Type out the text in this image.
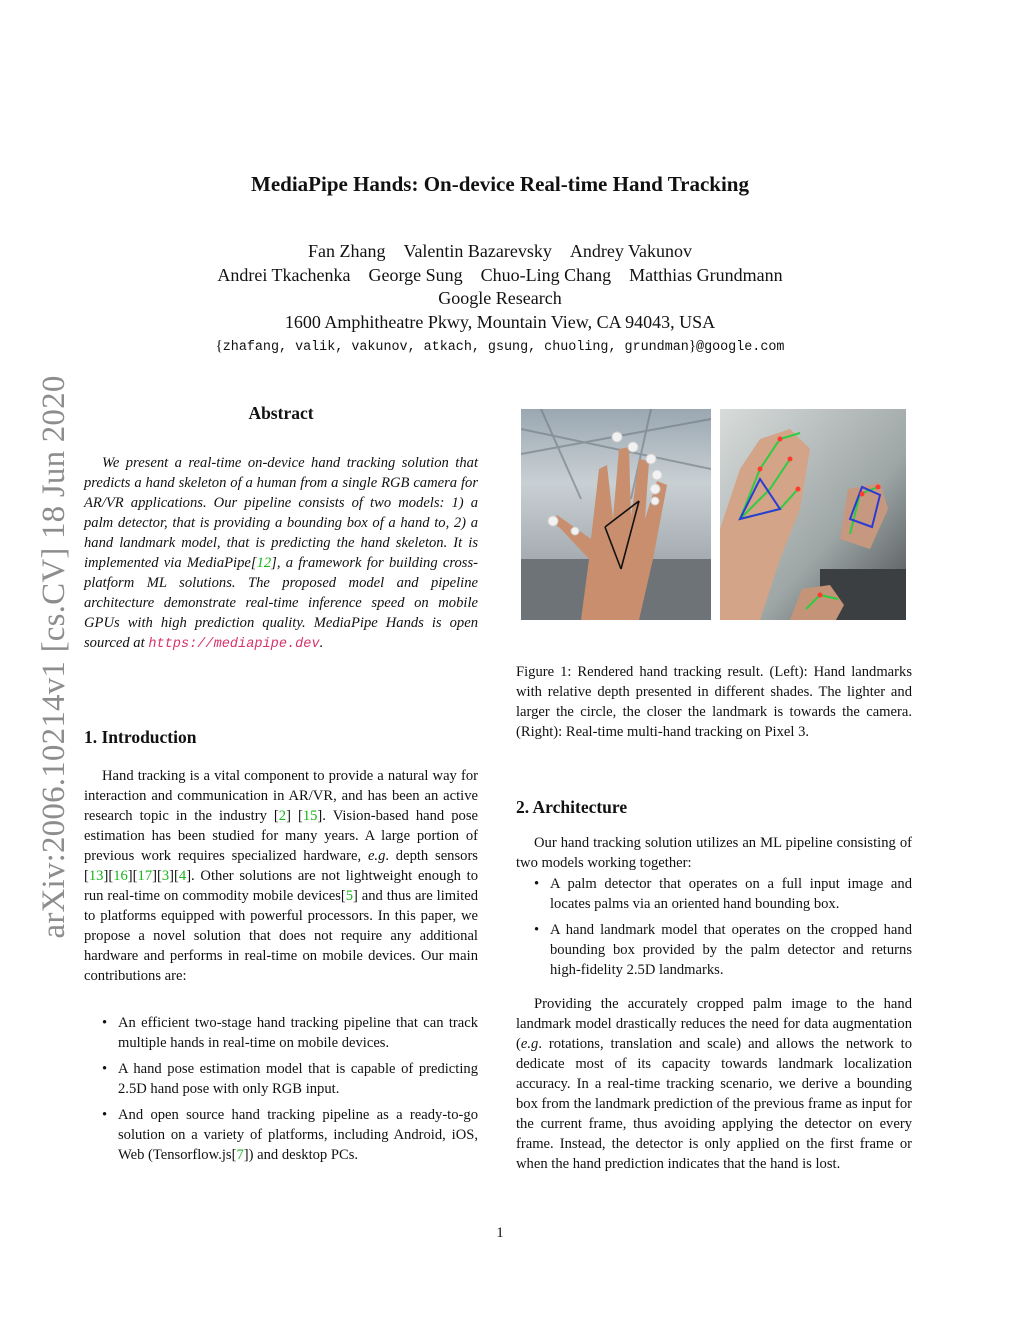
arXiv:2006.10214v1 [cs.CV] 18 Jun 2020
MediaPipe Hands: On-device Real-time Hand Tracking
Fan Zhang Valentin Bazarevsky Andrey Vakunov
Andrei Tkachenka George Sung Chuo-Ling Chang Matthias Grundmann
Google Research
1600 Amphitheatre Pkwy, Mountain View, CA 94043, USA
{zhafang, valik, vakunov, atkach, gsung, chuoling, grundman}@google.com
Abstract

We present a real-time on-device hand tracking solution that predicts a hand skeleton of a human from a single RGB camera for AR/VR applications. Our pipeline consists of two models: 1) a palm detector, that is providing a bounding box of a hand to, 2) a hand landmark model, that is predicting the hand skeleton. It is implemented via MediaPipe[12], a framework for building cross-platform ML solutions. The proposed model and pipeline architecture demonstrate real-time inference speed on mobile GPUs with high prediction quality. MediaPipe Hands is open sourced at https://mediapipe.dev.

1. Introduction

Hand tracking is a vital component to provide a natural way for interaction and communication in AR/VR, and has been an active research topic in the industry [2] [15]. Vision-based hand pose estimation has been studied for many years. A large portion of previous work requires specialized hardware, e.g. depth sensors [13][16][17][3][4]. Other solutions are not lightweight enough to run real-time on commodity mobile devices[5] and thus are limited to platforms equipped with powerful processors. In this paper, we propose a novel solution that does not require any additional hardware and performs in real-time on mobile devices. Our main contributions are:

• An efficient two-stage hand tracking pipeline that can track multiple hands in real-time on mobile devices.
• A hand pose estimation model that is capable of predicting 2.5D hand pose with only RGB input.
• And open source hand tracking pipeline as a ready-to-go solution on a variety of platforms, including Android, iOS, Web (Tensorflow.js[7]) and desktop PCs.
Figure 1: Rendered hand tracking result. (Left): Hand landmarks with relative depth presented in different shades. The lighter and larger the circle, the closer the landmark is towards the camera. (Right): Real-time multi-hand tracking on Pixel 3.
2. Architecture

Our hand tracking solution utilizes an ML pipeline consisting of two models working together:

• A palm detector that operates on a full input image and locates palms via an oriented hand bounding box.
• A hand landmark model that operates on the cropped hand bounding box provided by the palm detector and returns high-fidelity 2.5D landmarks.

Providing the accurately cropped palm image to the hand landmark model drastically reduces the need for data augmentation (e.g. rotations, translation and scale) and allows the network to dedicate most of its capacity towards landmark localization accuracy. In a real-time tracking scenario, we derive a bounding box from the landmark prediction of the previous frame as input for the current frame, thus avoiding applying the detector on every frame. Instead, the detector is only applied on the first frame or when the hand prediction indicates that the hand is lost.

1
